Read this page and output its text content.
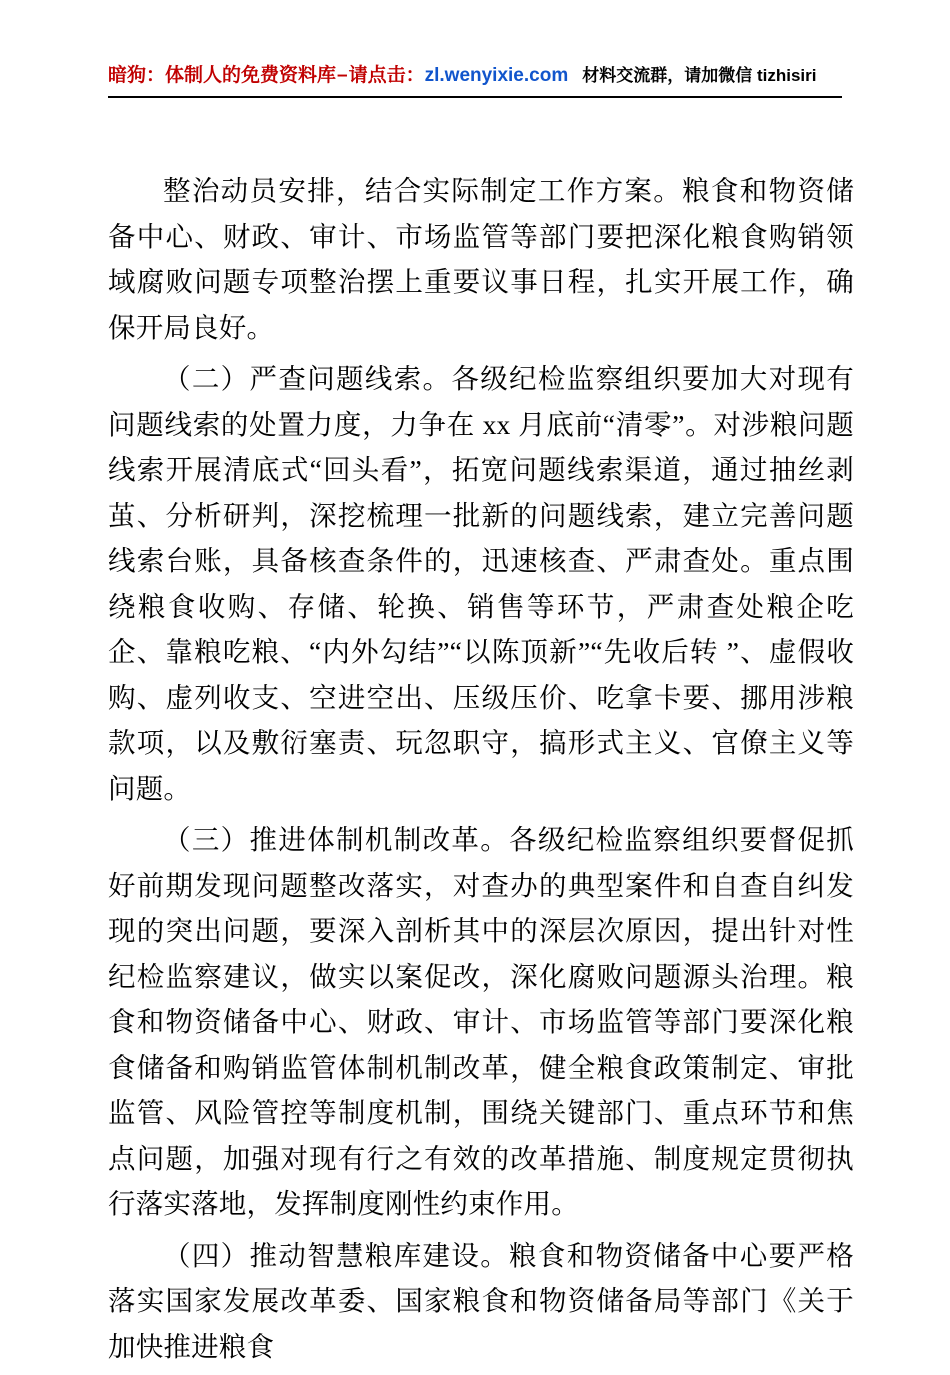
暗狗：体制人的免费资料库 – 请点击： zl.wenyixie.com 材料交流群，请加微信 tizhisiri

整治动员安排，结合实际制定工作方案。粮食和物资储备中心、财政、审计、市场监管等部门要把深化粮食购销领域腐败问题专项整治摆上重要议事日程，扎实开展工作，确保开局良好。

（二）严查问题线索。各级纪检监察组织要加大对现有问题线索的处置力度，力争在 xx 月底前“清零”。对涉粮问题线索开展清底式“回头看”，拓宽问题线索渠道，通过抽丝剥茧、分析研判，深挖梳理一批新的问题线索，建立完善问题线索台账，具备核查条件的，迅速核查、严肃查处。重点围绕粮食收购、存储、轮换、销售等环节，严肃查处粮企吃企、靠粮吃粮、“内外勾结”“以陈顶新”“先收后转 ”、虚假收购、虚列收支、空进空出、压级压价、吃拿卡要、挪用涉粮款项，以及敷衍塞责、玩忽职守，搞形式主义、官僚主义等问题。

（三）推进体制机制改革。各级纪检监察组织要督促抓好前期发现问题整改落实，对查办的典型案件和自查自纠发现的突出问题，要深入剖析其中的深层次原因，提出针对性纪检监察建议，做实以案促改，深化腐败问题源头治理。粮食和物资储备中心、财政、审计、市场监管等部门要深化粮食储备和购销监管体制机制改革，健全粮食政策制定、审批监管、风险管控等制度机制，围绕关键部门、重点环节和焦点问题，加强对现有行之有效的改革措施、制度规定贯彻执行落实落地，发挥制度刚性约束作用。

（四）推动智慧粮库建设。粮食和物资储备中心要严格落实国家发展改革委、国家粮食和物资储备局等部门《关于加快推进粮食
